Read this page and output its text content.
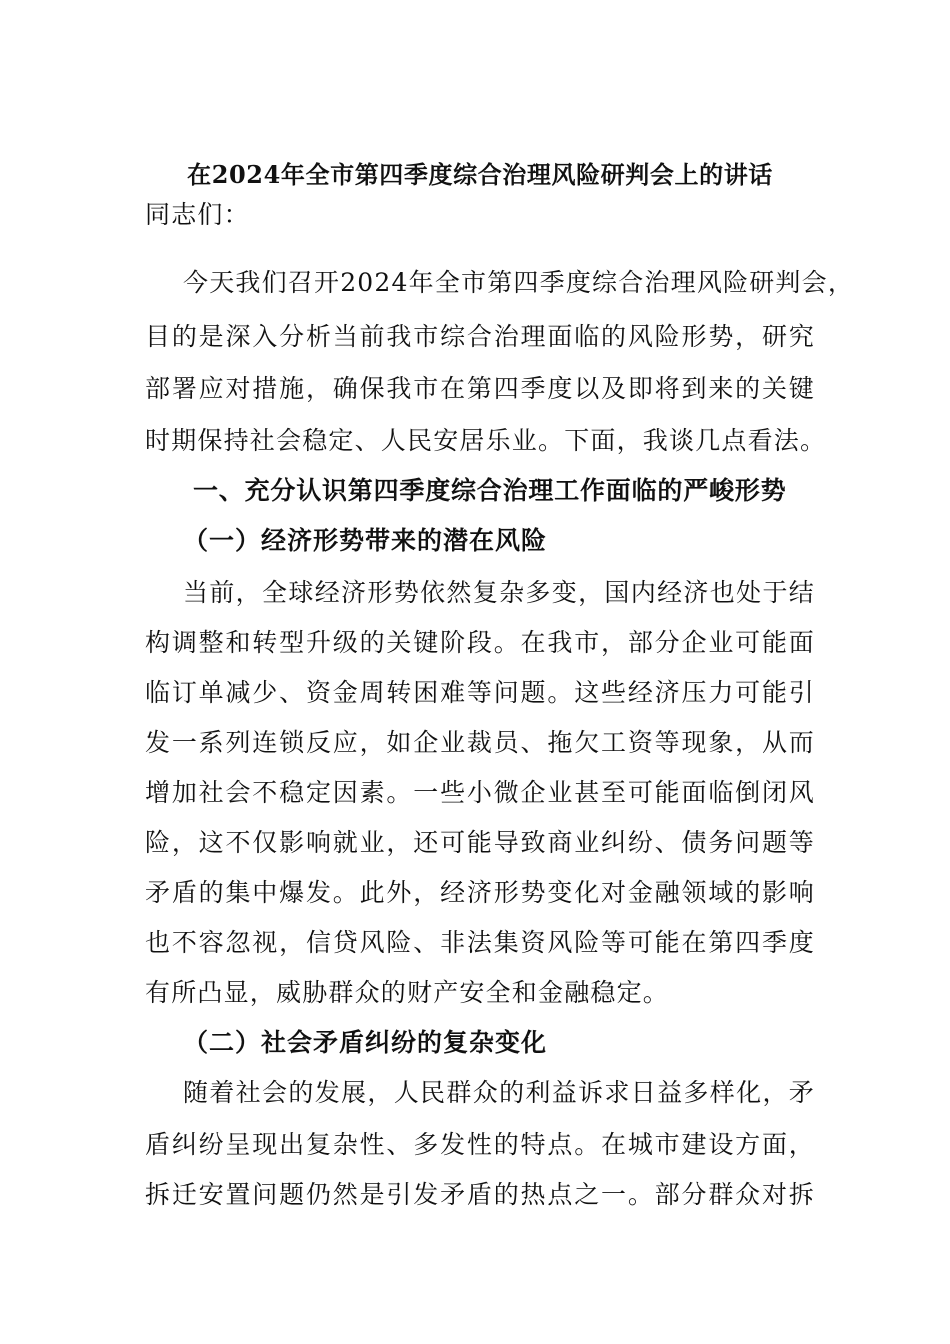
在2024年全市第四季度综合治理风险研判会上的讲话
同志们：
今天我们召开2024年全市第四季度综合治理风险研判会，
目的是深入分析当前我市综合治理面临的风险形势，研究
部署应对措施，确保我市在第四季度以及即将到来的关键
时期保持社会稳定、人民安居乐业。下面，我谈几点看法。
一、充分认识第四季度综合治理工作面临的严峻形势
（一）经济形势带来的潜在风险
当前，全球经济形势依然复杂多变，国内经济也处于结
构调整和转型升级的关键阶段。在我市，部分企业可能面
临订单减少、资金周转困难等问题。这些经济压力可能引
发一系列连锁反应，如企业裁员、拖欠工资等现象，从而
增加社会不稳定因素。一些小微企业甚至可能面临倒闭风
险，这不仅影响就业，还可能导致商业纠纷、债务问题等
矛盾的集中爆发。此外，经济形势变化对金融领域的影响
也不容忽视，信贷风险、非法集资风险等可能在第四季度
有所凸显，威胁群众的财产安全和金融稳定。
（二）社会矛盾纠纷的复杂变化
随着社会的发展，人民群众的利益诉求日益多样化，矛
盾纠纷呈现出复杂性、多发性的特点。在城市建设方面，
拆迁安置问题仍然是引发矛盾的热点之一。部分群众对拆
